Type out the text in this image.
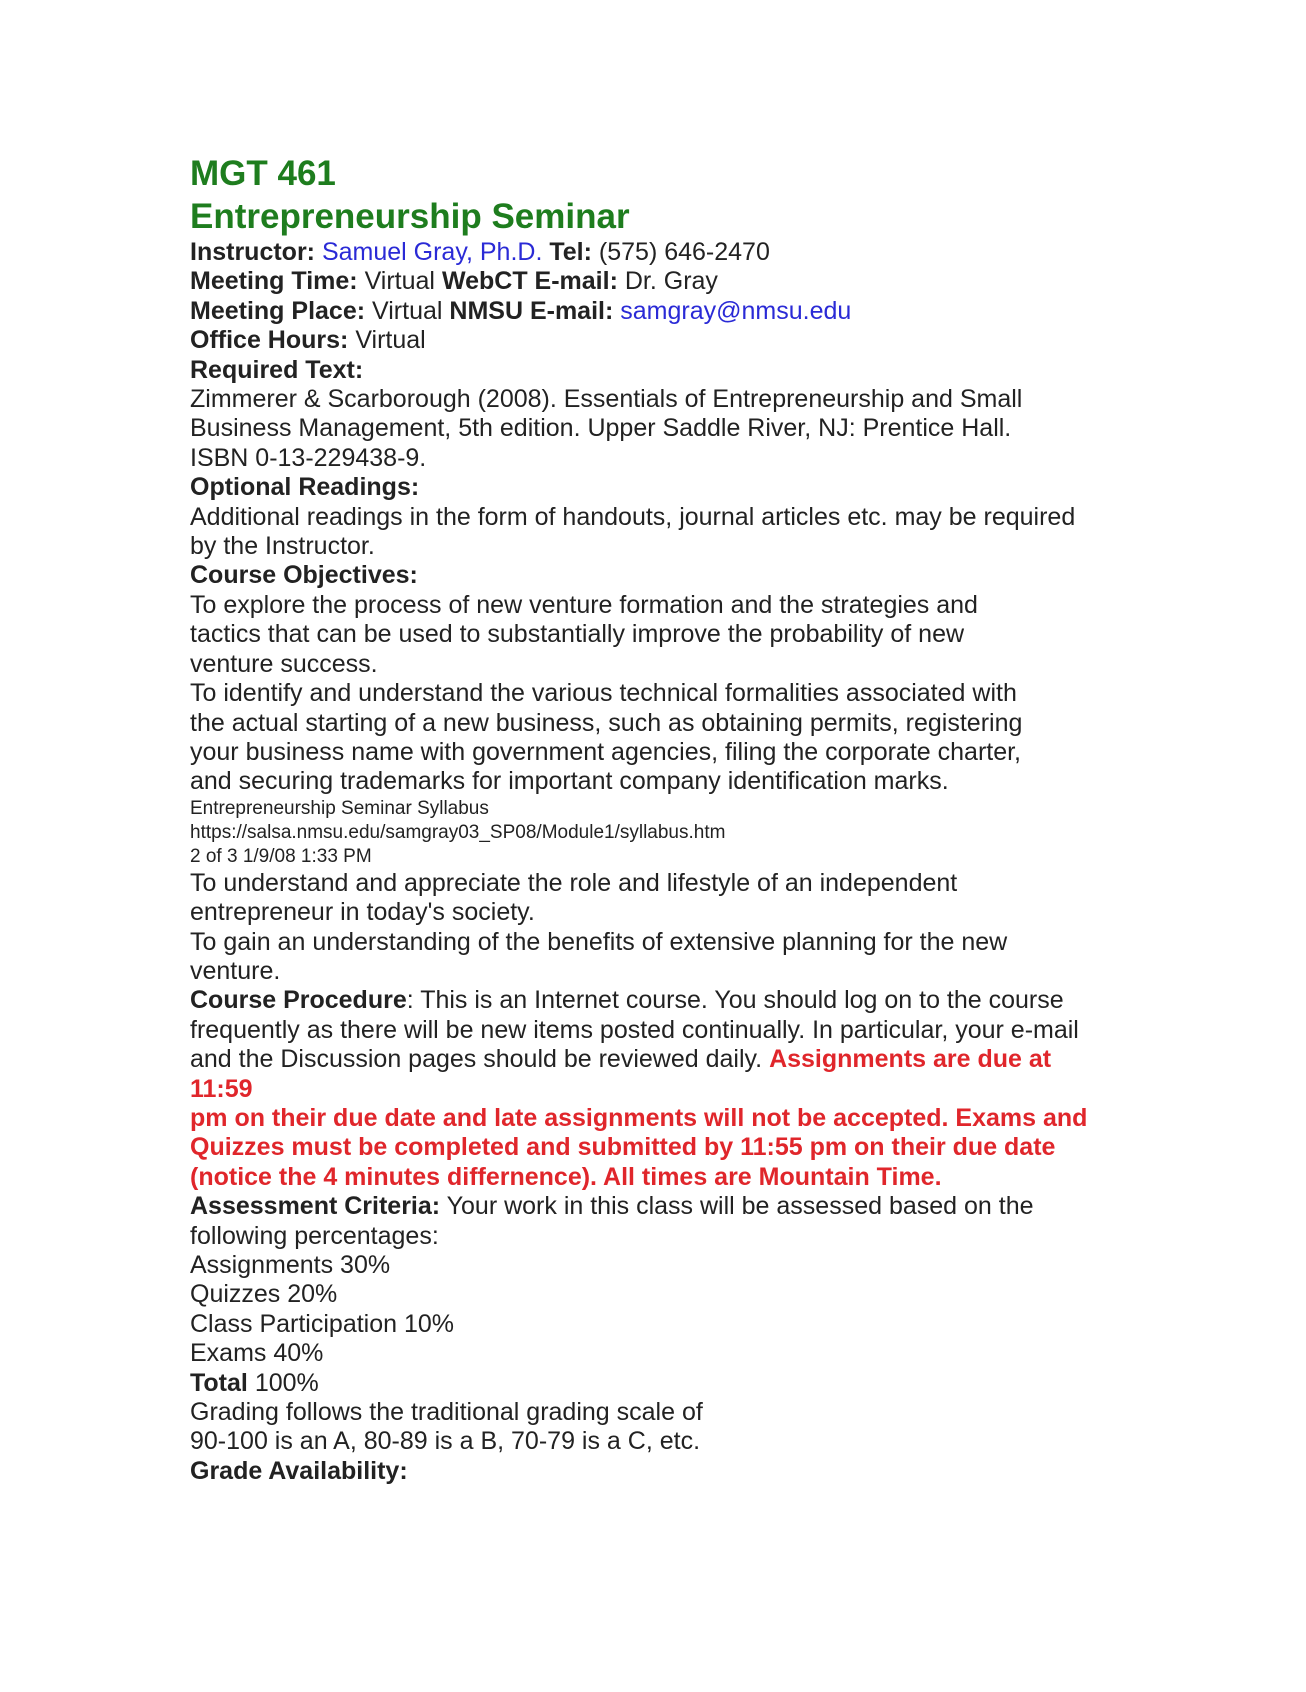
MGT 461

Entrepreneurship Seminar

Instructor: Samuel Gray, Ph.D. Tel: (575) 646-2470

Meeting Time: Virtual WebCT E-mail: Dr. Gray

Meeting Place: Virtual NMSU E-mail: samgray@nmsu.edu

Office Hours: Virtual

Required Text:

Zimmerer & Scarborough (2008). Essentials of Entrepreneurship and Small

Business Management, 5th edition. Upper Saddle River, NJ: Prentice Hall.

ISBN 0-13-229438-9.

Optional Readings:

Additional readings in the form of handouts, journal articles etc. may be required

by the Instructor.

Course Objectives:

To explore the process of new venture formation and the strategies and

tactics that can be used to substantially improve the probability of new

venture success.

To identify and understand the various technical formalities associated with

the actual starting of a new business, such as obtaining permits, registering

your business name with government agencies, filing the corporate charter,

and securing trademarks for important company identification marks.

Entrepreneurship Seminar Syllabus

https://salsa.nmsu.edu/samgray03_SP08/Module1/syllabus.htm

2 of 3 1/9/08 1:33 PM

To understand and appreciate the role and lifestyle of an independent

entrepreneur in today's society.

To gain an understanding of the benefits of extensive planning for the new

venture.

Course Procedure: This is an Internet course. You should log on to the course

frequently as there will be new items posted continually. In particular, your e-mail

and the Discussion pages should be reviewed daily. Assignments are due at

11:59

pm on their due date and late assignments will not be accepted. Exams and

Quizzes must be completed and submitted by 11:55 pm on their due date

(notice the 4 minutes differnence). All times are Mountain Time.

Assessment Criteria: Your work in this class will be assessed based on the

following percentages:

Assignments 30%

Quizzes 20%

Class Participation 10%

Exams 40%

Total 100%

Grading follows the traditional grading scale of

90-100 is an A, 80-89 is a B, 70-79 is a C, etc.

Grade Availability:
